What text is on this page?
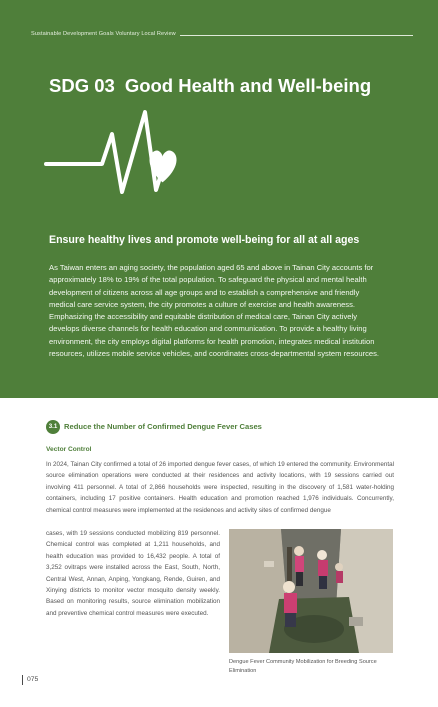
Sustainable Development Goals Voluntary Local Review
SDG 03 Good Health and Well-being
Ensure healthy lives and promote well-being for all at all ages
As Taiwan enters an aging society, the population aged 65 and above in Tainan City accounts for approximately 18% to 19% of the total population. To safeguard the physical and mental health development of citizens across all age groups and to establish a comprehensive and friendly medical care service system, the city promotes a culture of exercise and health awareness. Emphasizing the accessibility and equitable distribution of medical care, Tainan City actively develops diverse channels for health education and communication. To provide a healthy living environment, the city employs digital platforms for health promotion, integrates medical institution resources, utilizes mobile service vehicles, and coordinates cross-departmental system resources.
3.1 Reduce the Number of Confirmed Dengue Fever Cases
Vector Control
In 2024, Tainan City confirmed a total of 26 imported dengue fever cases, of which 19 entered the community. Environmental source elimination operations were conducted at their residences and activity locations, with 19 sessions carried out involving 411 personnel. A total of 2,866 households were inspected, resulting in the discovery of 1,581 water-holding containers, including 17 positive containers. Health education and promotion reached 1,976 individuals. Concurrently, chemical control measures were implemented at the residences and activity sites of confirmed dengue
cases, with 19 sessions conducted mobilizing 819 personnel. Chemical control was completed at 1,211 households, and health education was provided to 16,432 people. A total of 3,252 ovitraps were installed across the East, South, North, Central West, Annan, Anping, Yongkang, Rende, Guiren, and Xinying districts to monitor vector mosquito density weekly. Based on monitoring results, source elimination mobilization and preventive chemical control measures were executed.
Dengue Fever Community Mobilization for Breeding Source Elimination
075
